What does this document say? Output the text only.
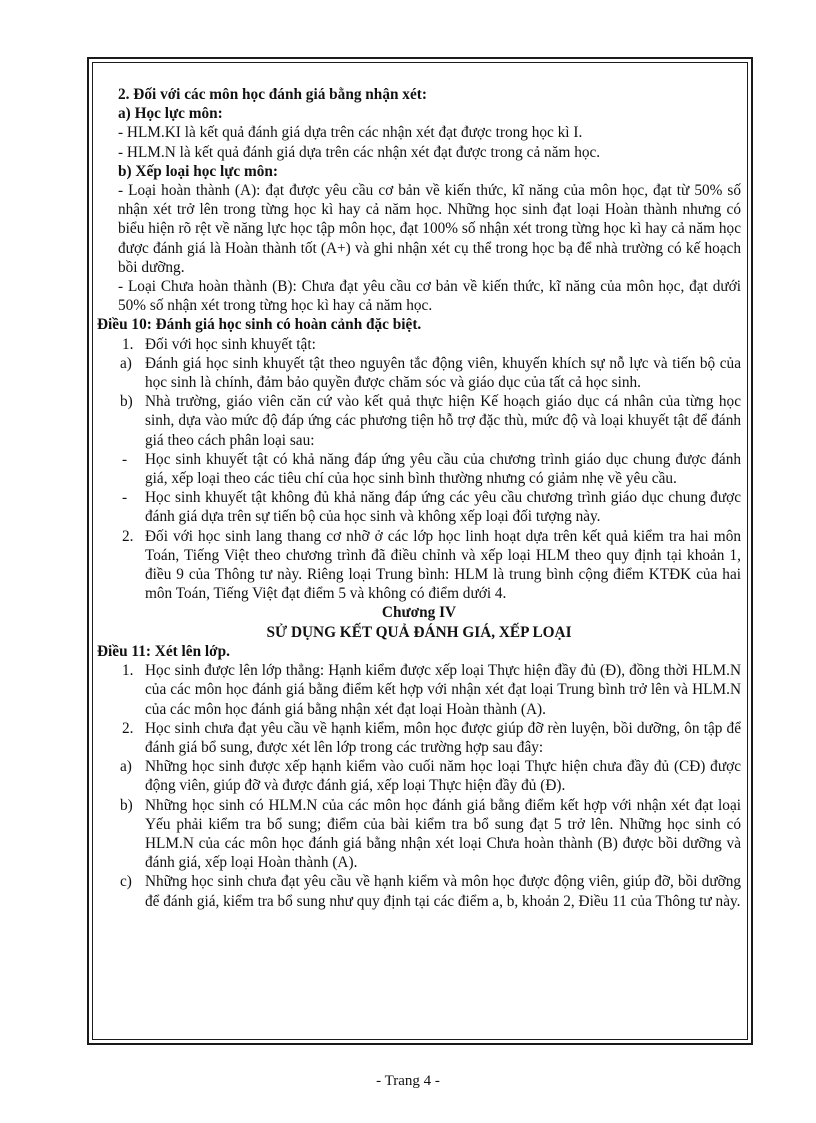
2. Đối với các môn học đánh giá bằng nhận xét:

a) Học lực môn:

- HLM.KI là kết quả đánh giá dựa trên các nhận xét đạt được trong học kì I.

- HLM.N là kết quả đánh giá dựa trên các nhận xét đạt được trong cả năm học.

b) Xếp loại học lực môn:

- Loại hoàn thành (A): đạt được yêu cầu cơ bản về kiến thức, kĩ năng của môn học, đạt từ 50% số nhận xét trở lên trong từng học kì hay cả năm học. Những học sinh đạt loại Hoàn thành nhưng có biểu hiện rõ rệt về năng lực học tập môn học, đạt 100% số nhận xét trong từng học kì hay cả năm học được đánh giá là Hoàn thành tốt (A+) và ghi nhận xét cụ thể trong học bạ để nhà trường có kế hoạch bồi dưỡng.

- Loại Chưa hoàn thành (B): Chưa đạt yêu cầu cơ bản về kiến thức, kĩ năng của môn học, đạt dưới 50% số nhận xét trong từng học kì hay cả năm học.

Điều 10: Đánh giá học sinh có hoàn cảnh đặc biệt.

1. Đối với học sinh khuyết tật:
a) Đánh giá học sinh khuyết tật theo nguyên tắc động viên, khuyến khích sự nỗ lực và tiến bộ của học sinh là chính, đảm bảo quyền được chăm sóc và giáo dục của tất cả học sinh.
b) Nhà trường, giáo viên căn cứ vào kết quả thực hiện Kế hoạch giáo dục cá nhân của từng học sinh, dựa vào mức độ đáp ứng các phương tiện hỗ trợ đặc thù, mức độ và loại khuyết tật để đánh giá theo cách phân loại sau:
- Học sinh khuyết tật có khả năng đáp ứng yêu cầu của chương trình giáo dục chung được đánh giá, xếp loại theo các tiêu chí của học sinh bình thường nhưng có giảm nhẹ về yêu cầu.
- Học sinh khuyết tật không đủ khả năng đáp ứng các yêu cầu chương trình giáo dục chung được đánh giá dựa trên sự tiến bộ của học sinh và không xếp loại đối tượng này.
2. Đối với học sinh lang thang cơ nhỡ ở các lớp học linh hoạt dựa trên kết quả kiểm tra hai môn Toán, Tiếng Việt theo chương trình đã điều chỉnh và xếp loại HLM theo quy định tại khoản 1, điều 9 của Thông tư này. Riêng loại Trung bình: HLM là trung bình cộng điểm KTĐK của hai môn Toán, Tiếng Việt đạt điểm 5 và không có điểm dưới 4.

Chương IV

SỬ DỤNG KẾT QUẢ ĐÁNH GIÁ, XẾP LOẠI

Điều 11: Xét lên lớp.

1. Học sinh được lên lớp thẳng: Hạnh kiểm được xếp loại Thực hiện đầy đủ (Đ), đồng thời HLM.N của các môn học đánh giá bằng điểm kết hợp với nhận xét đạt loại Trung bình trở lên và HLM.N của các môn học đánh giá bằng nhận xét đạt loại Hoàn thành (A).
2. Học sinh chưa đạt yêu cầu về hạnh kiểm, môn học được giúp đỡ rèn luyện, bồi dưỡng, ôn tập để đánh giá bổ sung, được xét lên lớp trong các trường hợp sau đây:
a) Những học sinh được xếp hạnh kiểm vào cuối năm học loại Thực hiện chưa đầy đủ (CĐ) được động viên, giúp đỡ và được đánh giá, xếp loại Thực hiện đầy đủ (Đ).
b) Những học sinh có HLM.N của các môn học đánh giá bằng điểm kết hợp với nhận xét đạt loại Yếu phải kiểm tra bổ sung; điểm của bài kiểm tra bổ sung đạt 5 trở lên. Những học sinh có HLM.N của các môn học đánh giá bằng nhận xét loại Chưa hoàn thành (B) được bồi dưỡng và đánh giá, xếp loại Hoàn thành (A).
c) Những học sinh chưa đạt yêu cầu về hạnh kiểm và môn học được động viên, giúp đỡ, bồi dưỡng để đánh giá, kiểm tra bổ sung như quy định tại các điểm a, b, khoản 2, Điều 11 của Thông tư này.
- Trang 4 -
